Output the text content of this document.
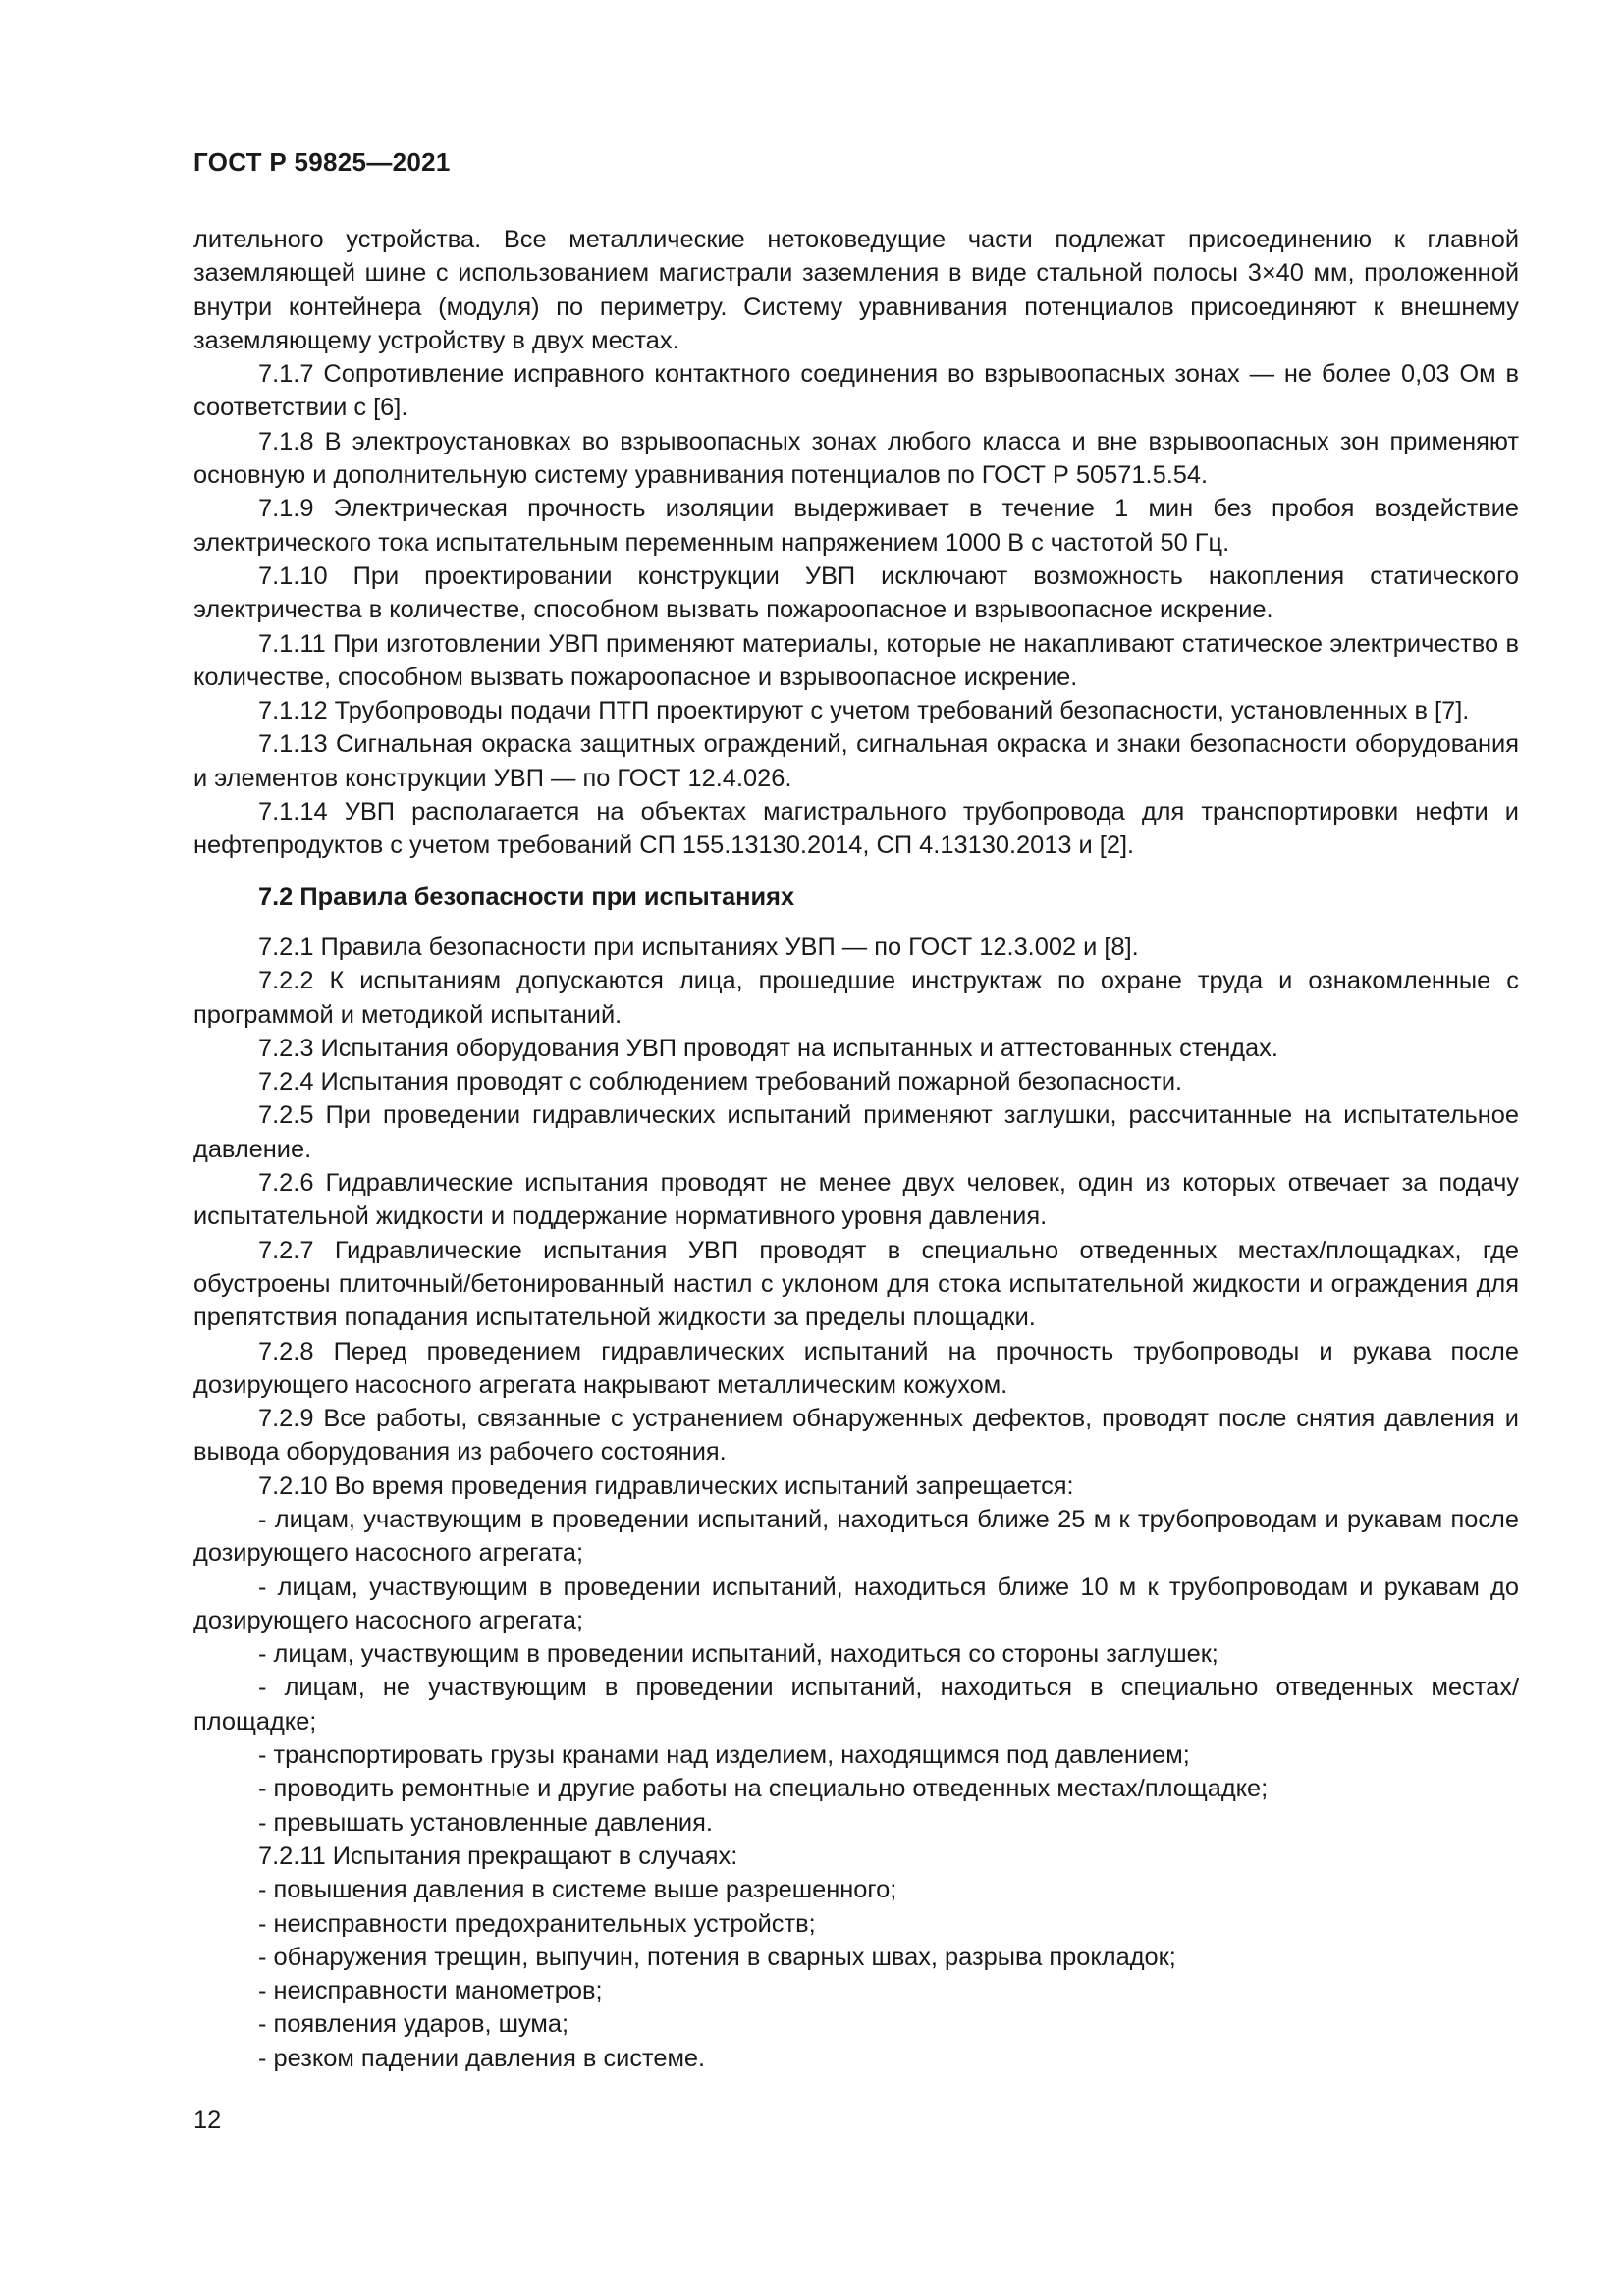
ГОСТ Р 59825—2021

лительного устройства. Все металлические нетоковедущие части подлежат присоединению к главной заземляющей шине с использованием магистрали заземления в виде стальной полосы 3×40 мм, проложенной внутри контейнера (модуля) по периметру. Систему уравнивания потенциалов присоединяют к внешнему заземляющему устройству в двух местах.

7.1.7 Сопротивление исправного контактного соединения во взрывоопасных зонах — не более 0,03 Ом в соответствии с [6].

7.1.8 В электроустановках во взрывоопасных зонах любого класса и вне взрывоопасных зон применяют основную и дополнительную систему уравнивания потенциалов по ГОСТ Р 50571.5.54.

7.1.9 Электрическая прочность изоляции выдерживает в течение 1 мин без пробоя воздействие электрического тока испытательным переменным напряжением 1000 В с частотой 50 Гц.

7.1.10 При проектировании конструкции УВП исключают возможность накопления статического электричества в количестве, способном вызвать пожароопасное и взрывоопасное искрение.

7.1.11 При изготовлении УВП применяют материалы, которые не накапливают статическое электричество в количестве, способном вызвать пожароопасное и взрывоопасное искрение.

7.1.12 Трубопроводы подачи ПТП проектируют с учетом требований безопасности, установленных в [7].

7.1.13 Сигнальная окраска защитных ограждений, сигнальная окраска и знаки безопасности оборудования и элементов конструкции УВП — по ГОСТ 12.4.026.

7.1.14 УВП располагается на объектах магистрального трубопровода для транспортировки нефти и нефтепродуктов с учетом требований СП 155.13130.2014, СП 4.13130.2013 и [2].

7.2 Правила безопасности при испытаниях

7.2.1 Правила безопасности при испытаниях УВП — по ГОСТ 12.3.002 и [8].

7.2.2 К испытаниям допускаются лица, прошедшие инструктаж по охране труда и ознакомленные с программой и методикой испытаний.

7.2.3 Испытания оборудования УВП проводят на испытанных и аттестованных стендах.

7.2.4 Испытания проводят с соблюдением требований пожарной безопасности.

7.2.5 При проведении гидравлических испытаний применяют заглушки, рассчитанные на испытательное давление.

7.2.6 Гидравлические испытания проводят не менее двух человек, один из которых отвечает за подачу испытательной жидкости и поддержание нормативного уровня давления.

7.2.7 Гидравлические испытания УВП проводят в специально отведенных местах/площадках, где обустроены плиточный/бетонированный настил с уклоном для стока испытательной жидкости и ограждения для препятствия попадания испытательной жидкости за пределы площадки.

7.2.8 Перед проведением гидравлических испытаний на прочность трубопроводы и рукава после дозирующего насосного агрегата накрывают металлическим кожухом.

7.2.9 Все работы, связанные с устранением обнаруженных дефектов, проводят после снятия давления и вывода оборудования из рабочего состояния.

7.2.10 Во время проведения гидравлических испытаний запрещается:

- лицам, участвующим в проведении испытаний, находиться ближе 25 м к трубопроводам и рукавам после дозирующего насосного агрегата;

- лицам, участвующим в проведении испытаний, находиться ближе 10 м к трубопроводам и рукавам до дозирующего насосного агрегата;

- лицам, участвующим в проведении испытаний, находиться со стороны заглушек;

- лицам, не участвующим в проведении испытаний, находиться в специально отведенных местах/площадке;

- транспортировать грузы кранами над изделием, находящимся под давлением;

- проводить ремонтные и другие работы на специально отведенных местах/площадке;

- превышать установленные давления.

7.2.11 Испытания прекращают в случаях:

- повышения давления в системе выше разрешенного;

- неисправности предохранительных устройств;

- обнаружения трещин, выпучин, потения в сварных швах, разрыва прокладок;

- неисправности манометров;

- появления ударов, шума;

- резком падении давления в системе.

12
